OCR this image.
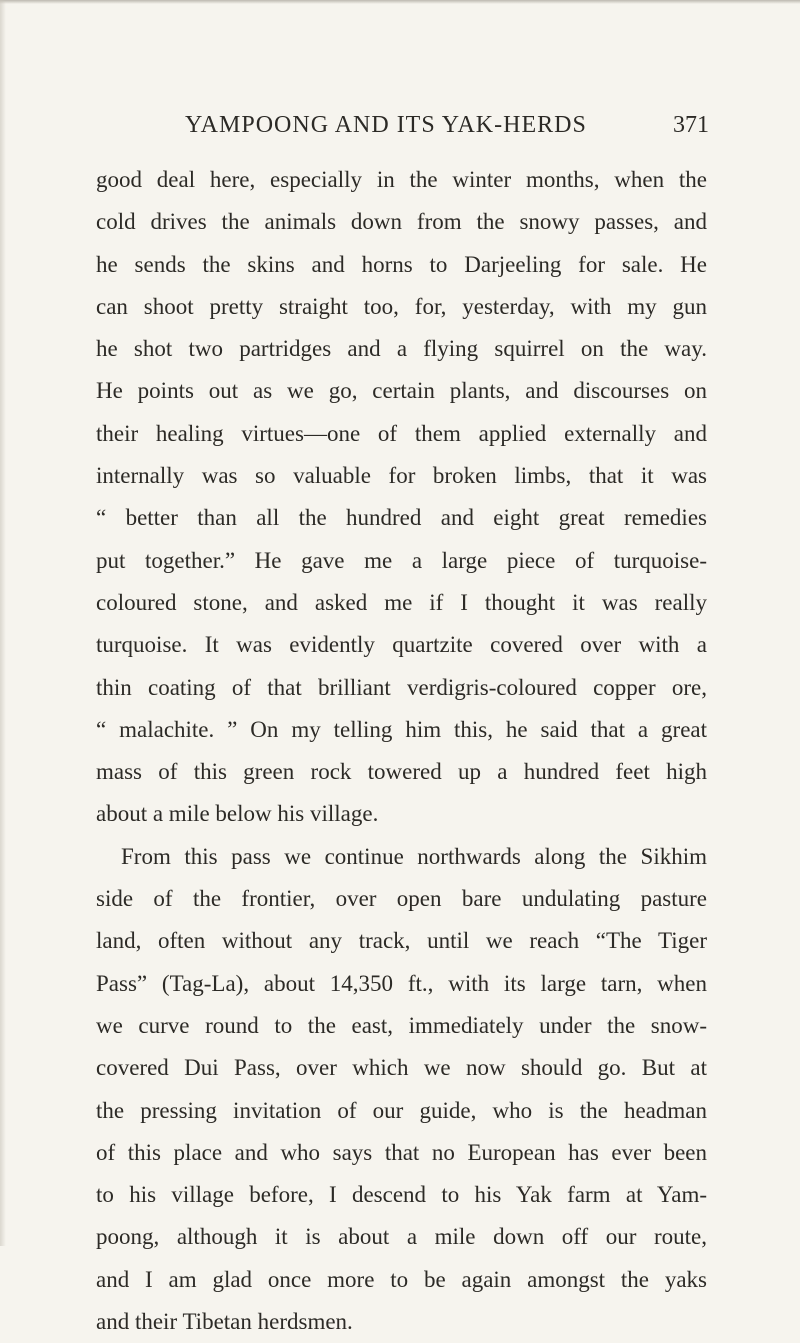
YAMPOONG AND ITS YAK-HERDS	371
good deal here, especially in the winter months, when the
cold drives the animals down from the snowy passes, and
he sends the skins and horns to Darjeeling for sale. He
can shoot pretty straight too, for, yesterday, with my gun
he shot two partridges and a flying squirrel on the way.
He points out as we go, certain plants, and discourses on
their healing virtues—one of them applied externally and
internally was so valuable for broken limbs, that it was
“ better than all the hundred and eight great remedies
put together.” He gave me a large piece of turquoise-
coloured stone, and asked me if I thought it was really
turquoise. It was evidently quartzite covered over with a
thin coating of that brilliant verdigris-coloured copper ore,
“ malachite. ” On my telling him this, he said that a great
mass of this green rock towered up a hundred feet high
about a mile below his village.
From this pass we continue northwards along the Sikhim
side of the frontier, over open bare undulating pasture
land, often without any track, until we reach “The Tiger
Pass” (Tag-La), about 14,350 ft., with its large tarn, when
we curve round to the east, immediately under the snow-
covered Dui Pass, over which we now should go. But at
the pressing invitation of our guide, who is the headman
of this place and who says that no European has ever been
to his village before, I descend to his Yak farm at Yam-
poong, although it is about a mile down off our route,
and I am glad once more to be again amongst the yaks
and their Tibetan herdsmen.
